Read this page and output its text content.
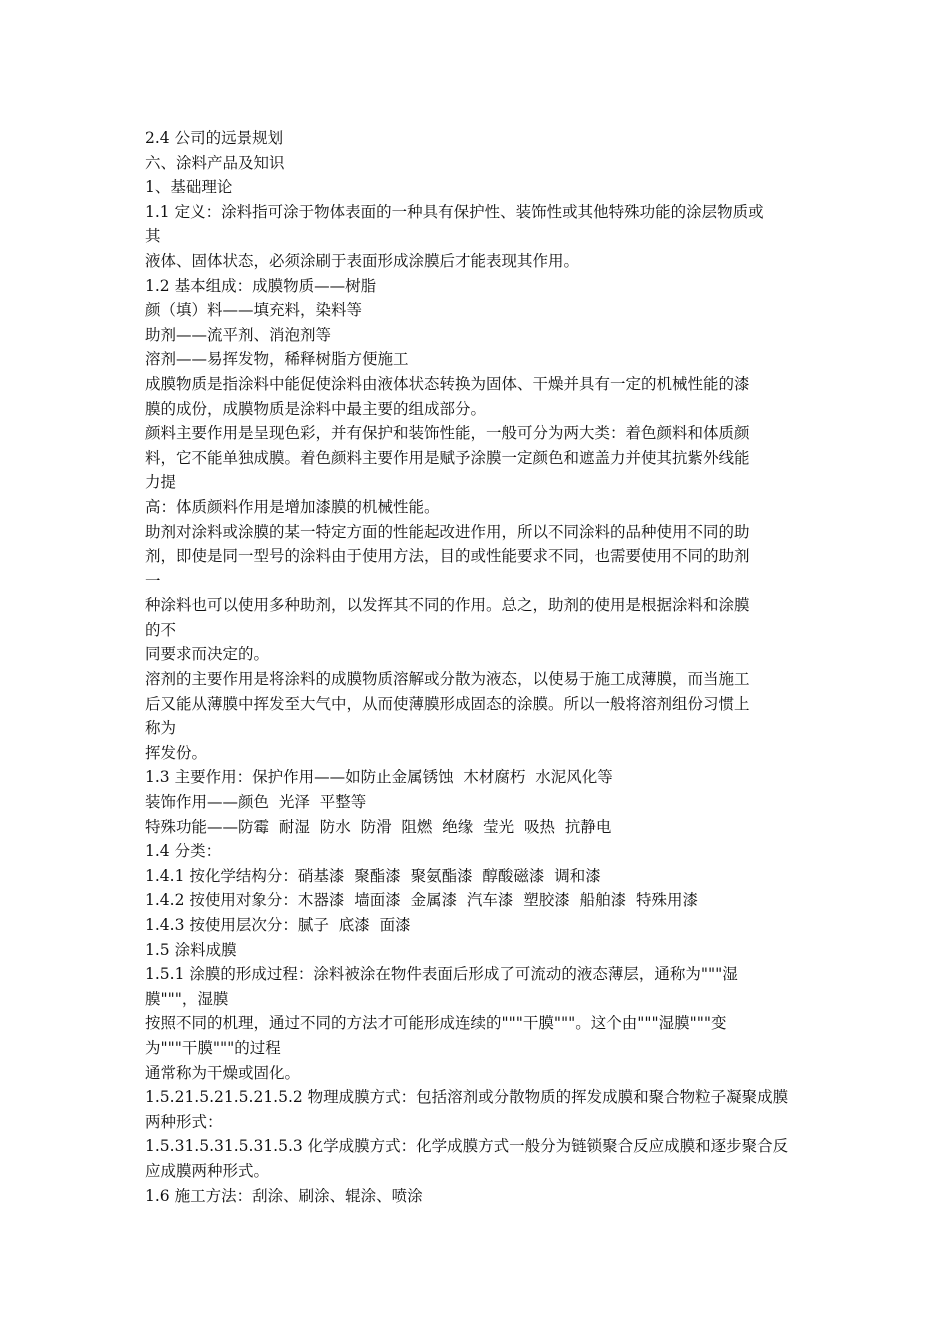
2.4 公司的远景规划
六、涂料产品及知识
1、基础理论
1.1 定义：涂料指可涂于物体表面的一种具有保护性、装饰性或其他特殊功能的涂层物质或
其
液体、固体状态，必须涂刷于表面形成涂膜后才能表现其作用。
1.2 基本组成：成膜物质——树脂
颜（填）料——填充料，染料等
助剂——流平剂、消泡剂等
溶剂——易挥发物，稀释树脂方便施工
成膜物质是指涂料中能促使涂料由液体状态转换为固体、干燥并具有一定的机械性能的漆
膜的成份，成膜物质是涂料中最主要的组成部分。
颜料主要作用是呈现色彩，并有保护和装饰性能，一般可分为两大类：着色颜料和体质颜
料，它不能单独成膜。着色颜料主要作用是赋予涂膜一定颜色和遮盖力并使其抗紫外线能
力提
高：体质颜料作用是增加漆膜的机械性能。
助剂对涂料或涂膜的某一特定方面的性能起改进作用，所以不同涂料的品种使用不同的助
剂，即使是同一型号的涂料由于使用方法，目的或性能要求不同，也需要使用不同的助剂
一
种涂料也可以使用多种助剂，以发挥其不同的作用。总之，助剂的使用是根据涂料和涂膜
的不
同要求而决定的。
溶剂的主要作用是将涂料的成膜物质溶解或分散为液态，以使易于施工成薄膜，而当施工
后又能从薄膜中挥发至大气中，从而使薄膜形成固态的涂膜。所以一般将溶剂组份习惯上
称为
挥发份。
1.3 主要作用：保护作用——如防止金属锈蚀  木材腐朽  水泥风化等
装饰作用——颜色  光泽  平整等
特殊功能——防霉  耐湿  防水  防滑  阻燃  绝缘  莹光  吸热  抗静电
1.4 分类：
1.4.1 按化学结构分：硝基漆  聚酯漆  聚氨酯漆  醇酸磁漆  调和漆
1.4.2 按使用对象分：木器漆  墙面漆  金属漆  汽车漆  塑胶漆  船舶漆  特殊用漆
1.4.3 按使用层次分：腻子  底漆  面漆
1.5 涂料成膜
1.5.1 涂膜的形成过程：涂料被涂在物件表面后形成了可流动的液态薄层，通称为"""湿
膜"""，湿膜
按照不同的机理，通过不同的方法才可能形成连续的"""干膜"""。这个由"""湿膜"""变
为"""干膜"""的过程
通常称为干燥或固化。
1.5.21.5.21.5.21.5.2 物理成膜方式：包括溶剂或分散物质的挥发成膜和聚合物粒子凝聚成膜
两种形式：
1.5.31.5.31.5.31.5.3 化学成膜方式：化学成膜方式一般分为链锁聚合反应成膜和逐步聚合反
应成膜两种形式。
1.6 施工方法：刮涂、刷涂、辊涂、喷涂
